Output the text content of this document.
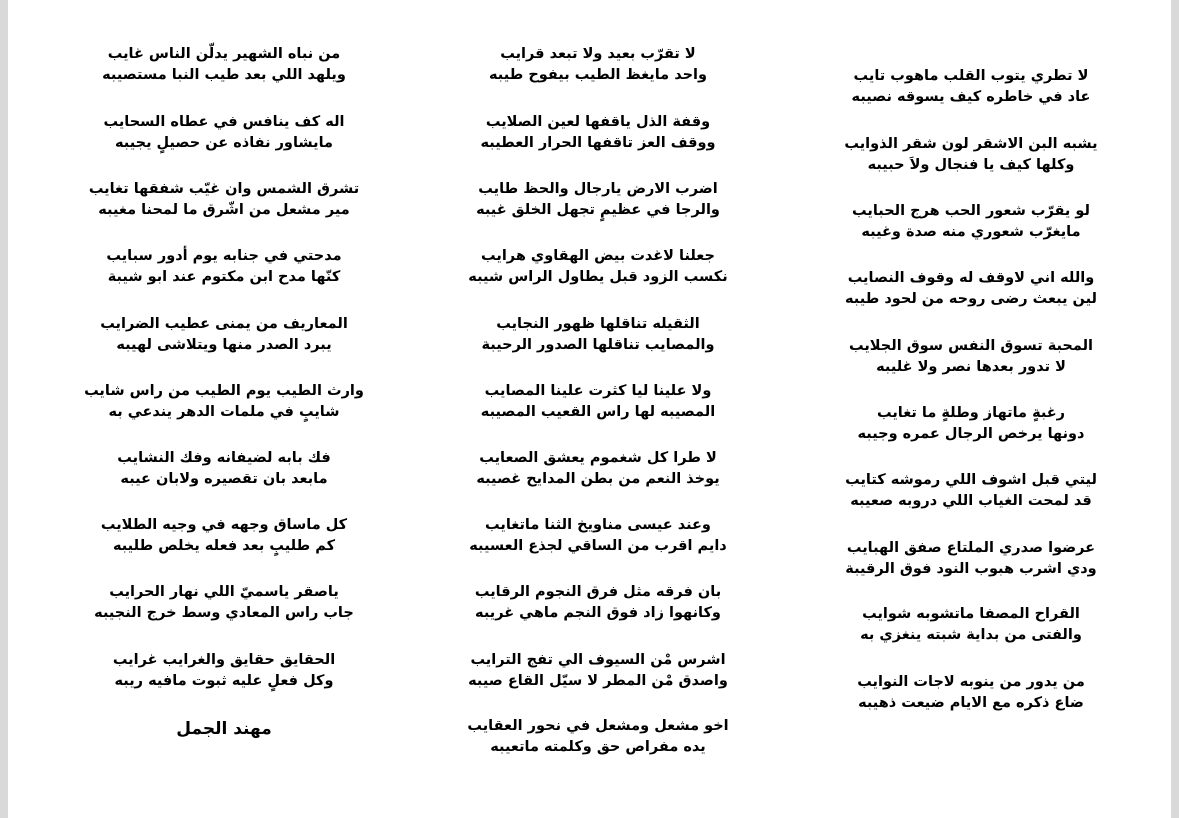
لا تطري يتوب القلب ماهوب تايب
عاد في خاطره كيف يسوقه نصيبه
يشبه البن الاشقر لون شقر الذوايب
وكلها كيف يا فنجال ولاَ حبيبه
لو يقرّب شعور الحب هرج الحبايب
مايغرّب شعوري منه صدة وغيبه
والله اني لاوقف له وقوف النصايب
لين يبعث رضى روحه من لحود طيبه
المحبة تسوق النفس سوق الجلايب
لا تدور بعدها نصر ولا غليبه
رغبةٍ ماتهاز وطلةٍ ما تغايب
دونها يرخص الرجال عمره وجيبه
ليتي قبل اشوف اللي رموشه كتايب
قد لمحت الغياب اللي دروبه صعيبه
عرضوا صدري الملتاع صفق الهبايب
ودي اشرب هبوب النود فوق الرقيبة
القراح المصفا ماتشوبه شوايب
والفتى من بداية شبته ينغزي به
من يدور من ينوبه لاجات النوايب
ضاع ذكره مع الايام ضيعت ذهيبه
لا تقرّب بعيد ولا تبعد قرايب
واحد مايغظ الطيب بيفوح طيبه
وقفة الذل ياقفها لعين الصلايب
ووقف العز تاقفها الحرار العطيبه
اضرب الارض يارجال والحظ طايب
والرجا في عظيمٍ تجهل الخلق غيبه
جعلنا لاغدت بيض الهقاوي هرايب
نكسب الزود قبل يطاول الراس شيبه
الثقيله تناقلها ظهور النجايب
والمصايب تناقلها الصدور الرحيبة
ولا علينا ليا كثرت علينا المصايب
المصيبه لها راس القعيب المصيبه
لا طرا كل شغموم يعشق الصعايب
يوخذ النعم من بطن المدايح غصيبه
وعند عيسى مناويخ الثنا ماتغايب
دايم اقرب من الساقي لجذع العسيبه
بان فرقه مثل فرق النجوم الرقايب
وكانهوا زاد فوق النجم ماهي غريبه
اشرس مْن السيوف الي تفج الترايب
واصدق مْن المطر لا سيّل القاع صيبه
اخو مشعل ومشعل في نحور العقايب
يده مفراص حق وكلمته ماتعيبه
من نباه الشهير يدلّن الناس غايب
ويلهد اللي بعد طيب النبا مستصيبه
اله كف ينافس في عطاه السحايب
مايشاور نفاذه عن حصيلٍ يجيبه
تشرق الشمس وان غيّب شفقها تغايب
مير مشعل من اشّرق ما لمحنا مغيبه
مدحتي في جنابه يوم أدور سبايب
كنّها مدح ابن مكتوم عند ابو شيبة
المعاريف من يمنى عطيب الضرايب
يبرد الصدر منها ويتلاشى لهيبه
وارث الطيب يوم الطيب من راس شايب
شايبٍ في ملمات الدهر يندعي به
فك بابه لضيفانه وفك النشايب
مابعد بان تقصيره ولابان عيبه
كل ماساق وجهه في وجيه الطلايب
كم طليبٍ بعد فعله يخلص طليبه
ياصقر ياسميّ اللي نهار الحرايب
جاب راس المعادي وسط خرج النجيبه
الحقايق حقايق والغرايب غرايب
وكل فعلٍ عليه ثبوت مافيه ريبه
مهند الجمل
